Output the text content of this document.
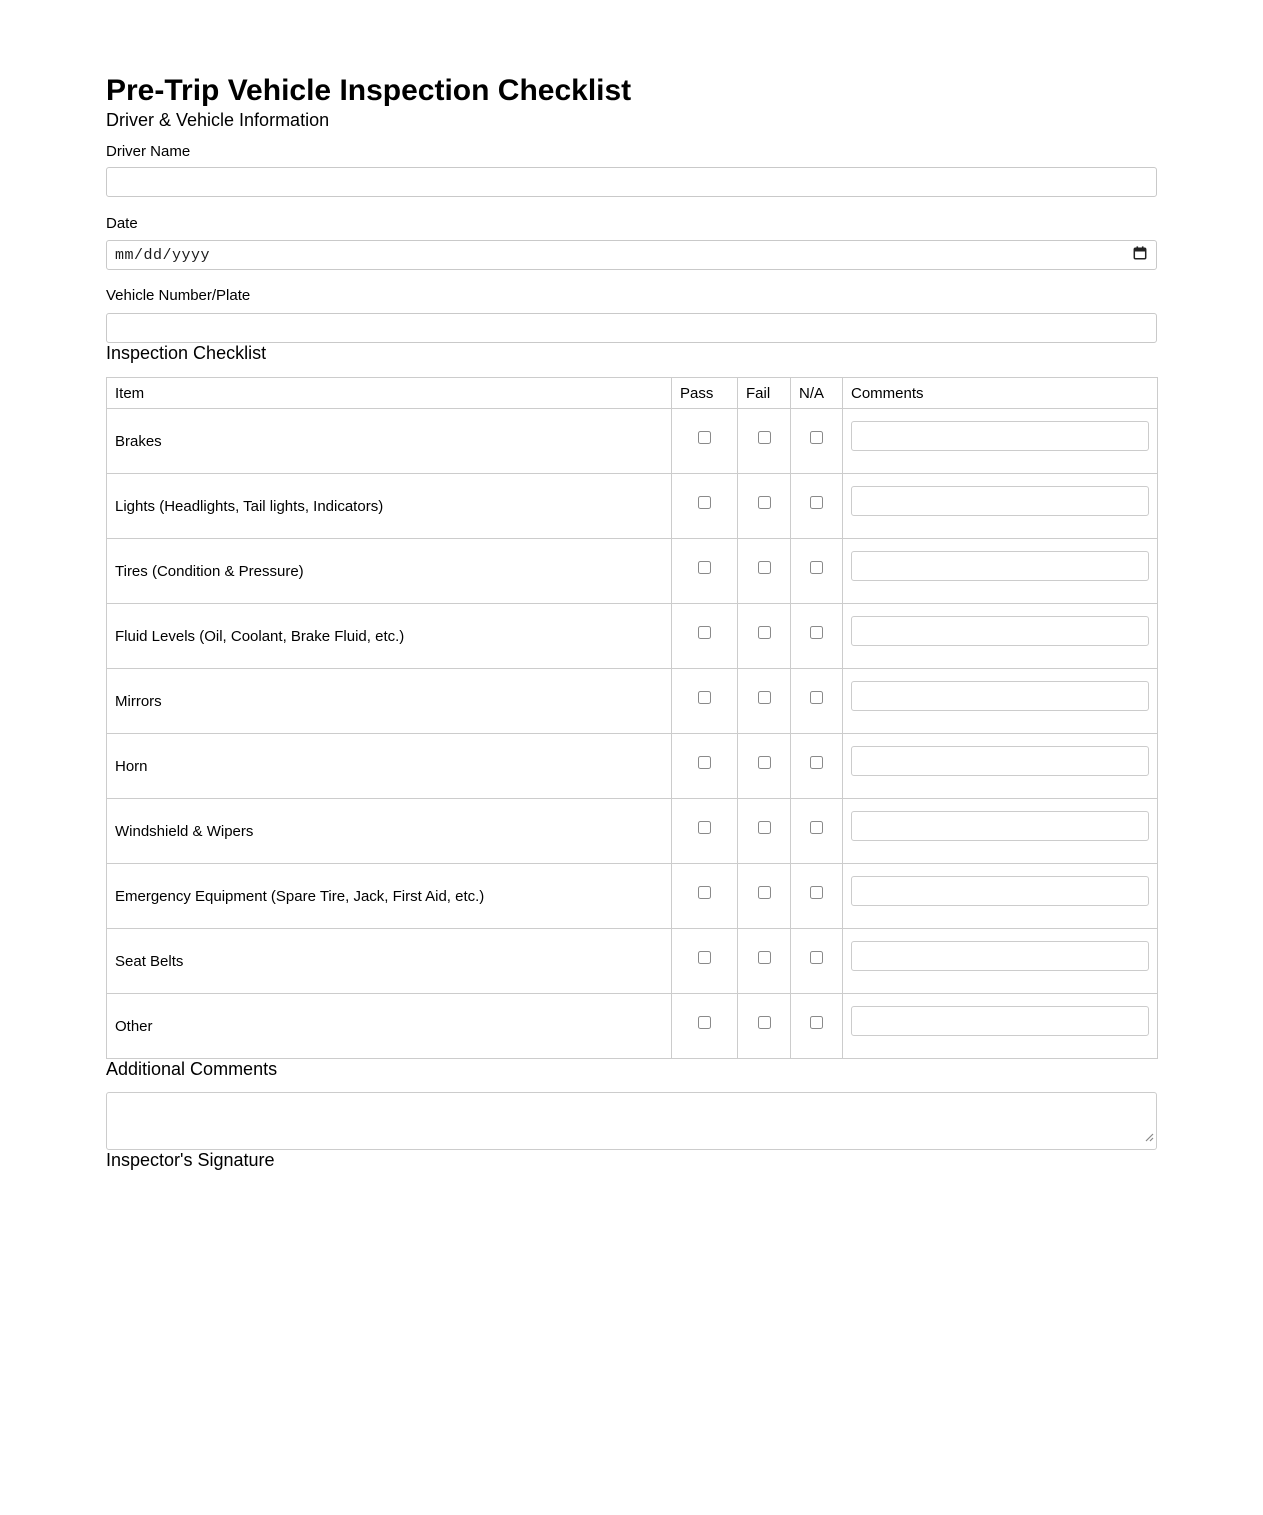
Pre-Trip Vehicle Inspection Checklist
Driver & Vehicle Information
Driver Name
Date
mm/dd/yyyy
Vehicle Number/Plate
Inspection Checklist
Item	Pass	Fail	N/A	Comments
Brakes				
Lights (Headlights, Tail lights, Indicators)				
Tires (Condition & Pressure)				
Fluid Levels (Oil, Coolant, Brake Fluid, etc.)				
Mirrors				
Horn				
Windshield & Wipers				
Emergency Equipment (Spare Tire, Jack, First Aid, etc.)				
Seat Belts				
Other				
Additional Comments
Inspector's Signature
